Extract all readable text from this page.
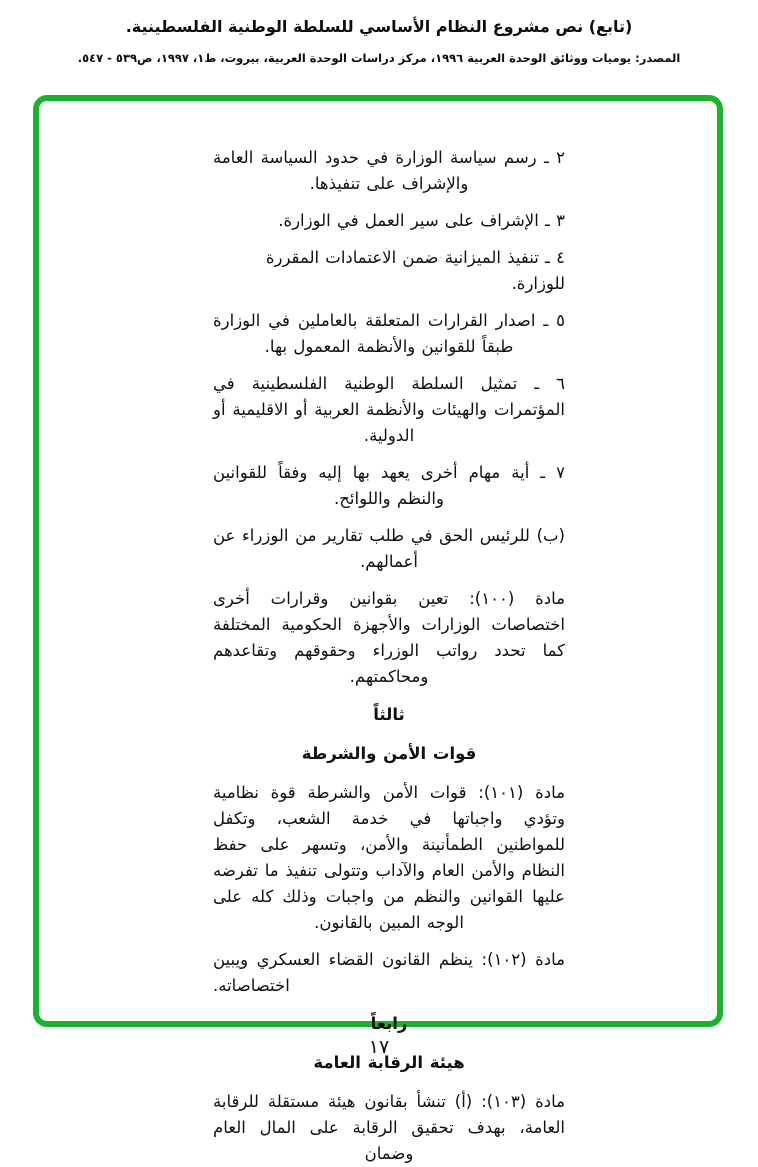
(تابع) نص مشروع النظام الأساسي للسلطة الوطنية الفلسطينية.
المصدر: يوميات ووثائق الوحدة العربية ١٩٩٦، مركز دراسات الوحدة العربية، بيروت، ط١، ١٩٩٧، ص٥٣٩ - ٥٤٧.
٢ ـ رسم سياسة الوزارة في حدود السياسة العامة والإشراف على تنفيذها.
٣ ـ الإشراف على سير العمل في الوزارة.
٤ ـ تنفيذ الميزانية ضمن الاعتمادات المقررة للوزارة.
٥ ـ اصدار القرارات المتعلقة بالعاملين في الوزارة طبقاً للقوانين والأنظمة المعمول بها.
٦ ـ تمثيل السلطة الوطنية الفلسطينية في المؤتمرات والهيئات والأنظمة العربية أو الاقليمية أو الدولية.
٧ ـ أية مهام أخرى يعهد بها إليه وفقاً للقوانين والنظم واللوائح.
(ب) للرئيس الحق في طلب تقارير من الوزراء عن أعمالهم.
مادة (١٠٠): تعين بقوانين وقرارات أخرى اختصاصات الوزارات والأجهزة الحكومية المختلفة كما تحدد رواتب الوزراء وحقوقهم وتقاعدهم ومحاكمتهم.
ثالثاً
قوات الأمن والشرطة
مادة (١٠١): قوات الأمن والشرطة قوة نظامية وتؤدي واجباتها في خدمة الشعب، وتكفل للمواطنين الطمأنينة والأمن، وتسهر على حفظ النظام والأمن العام والآداب وتتولى تنفيذ ما تفرضه عليها القوانين والنظم من واجبات وذلك كله على الوجه المبين بالقانون.
مادة (١٠٢): ينظم القانون القضاء العسكري ويبين اختصاصاته.
رابعاً
هيئة الرقابة العامة
مادة (١٠٣): (أ) تنشأ بقانون هيئة مستقلة للرقابة العامة، بهدف تحقيق الرقابة على المال العام وضمان
١٧
